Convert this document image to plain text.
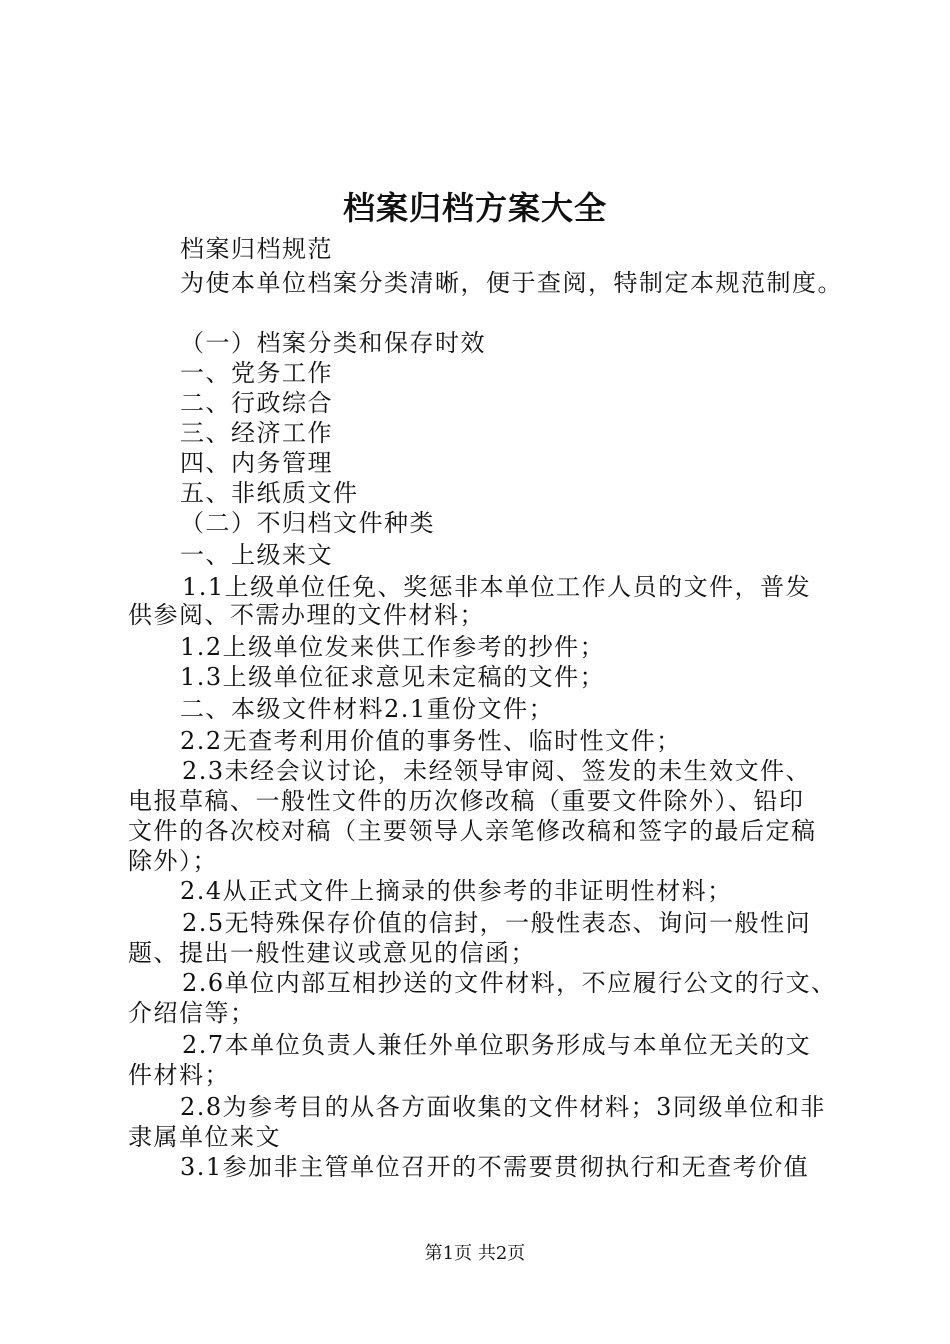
档案归档方案大全
档案归档规范
为使本单位档案分类清晰，便于查阅，特制定本规范制度。
（一）档案分类和保存时效
一、党务工作
二、行政综合
三、经济工作
四、内务管理
五、非纸质文件
（二）不归档文件种类
一、上级来文
1.1上级单位任免、奖惩非本单位工作人员的文件，普发
供参阅、不需办理的文件材料；
1.2上级单位发来供工作参考的抄件；
1.3上级单位征求意见未定稿的文件；
二、本级文件材料2.1重份文件；
2.2无查考利用价值的事务性、临时性文件；
2.3未经会议讨论，未经领导审阅、签发的未生效文件、
电报草稿、一般性文件的历次修改稿（重要文件除外）、铅印
文件的各次校对稿（主要领导人亲笔修改稿和签字的最后定稿
除外）；
2.4从正式文件上摘录的供参考的非证明性材料；
2.5无特殊保存价值的信封，一般性表态、询问一般性问
题、提出一般性建议或意见的信函；
2.6单位内部互相抄送的文件材料，不应履行公文的行文、
介绍信等；
2.7本单位负责人兼任外单位职务形成与本单位无关的文
件材料；
2.8为参考目的从各方面收集的文件材料；3同级单位和非
隶属单位来文
3.1参加非主管单位召开的不需要贯彻执行和无查考价值
第1页 共2页
